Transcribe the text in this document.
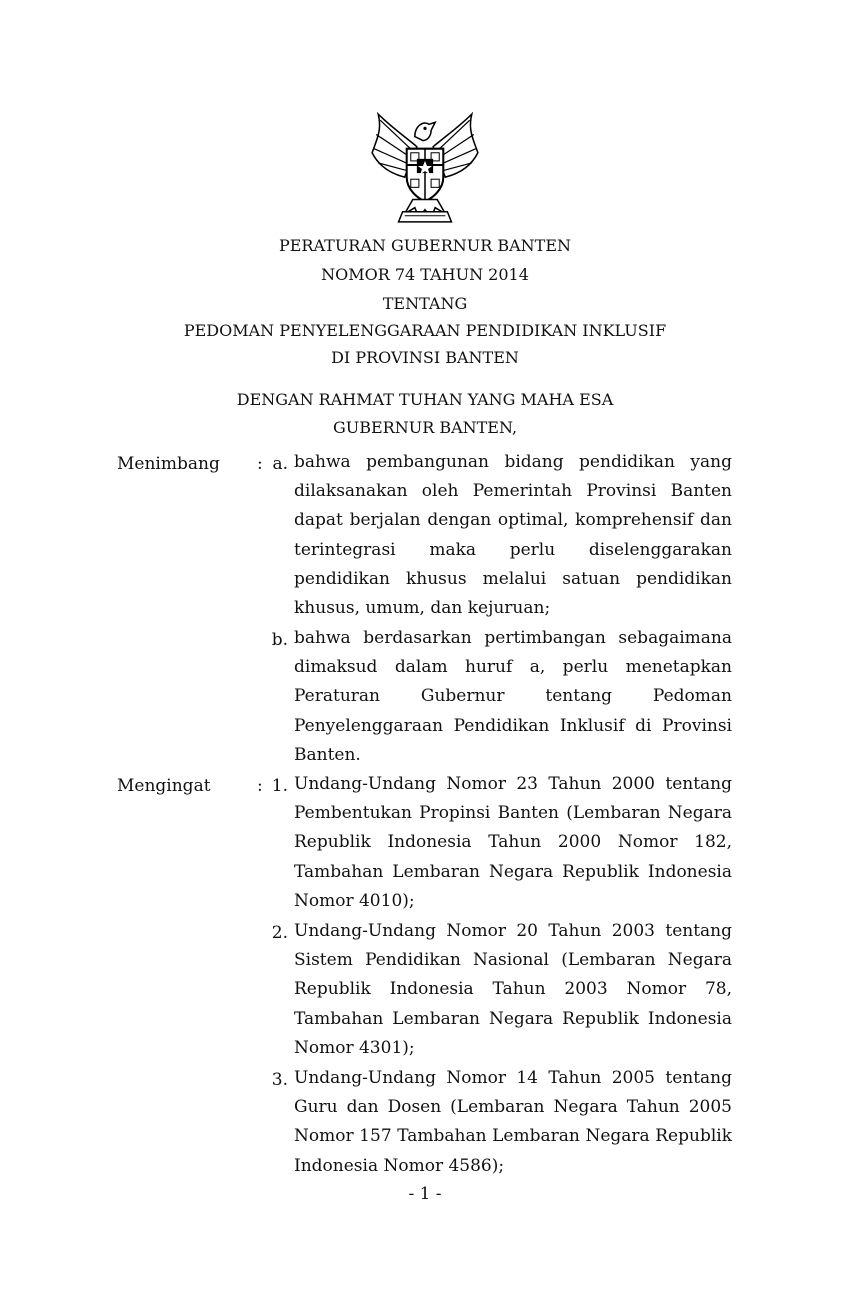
PERATURAN GUBERNUR BANTEN
NOMOR 74 TAHUN 2014
TENTANG
PEDOMAN PENYELENGGARAAN PENDIDIKAN INKLUSIF
DI PROVINSI BANTEN
DENGAN RAHMAT TUHAN YANG MAHA ESA
GUBERNUR BANTEN,
Menimbang : a. bahwa pembangunan bidang pendidikan yang dilaksanakan oleh Pemerintah Provinsi Banten dapat berjalan dengan optimal, komprehensif dan terintegrasi maka perlu diselenggarakan pendidikan khusus melalui satuan pendidikan khusus, umum, dan kejuruan;
b. bahwa berdasarkan pertimbangan sebagaimana dimaksud dalam huruf a, perlu menetapkan Peraturan Gubernur tentang Pedoman Penyelenggaraan Pendidikan Inklusif di Provinsi Banten.
Mengingat	: 1. Undang-Undang Nomor 23 Tahun 2000 tentang Pembentukan Propinsi Banten (Lembaran Negara Republik Indonesia Tahun 2000 Nomor 182, Tambahan Lembaran Negara Republik Indonesia Nomor 4010);
2. Undang-Undang Nomor 20 Tahun 2003 tentang Sistem Pendidikan Nasional (Lembaran Negara Republik Indonesia Tahun 2003 Nomor 78, Tambahan Lembaran Negara Republik Indonesia Nomor 4301);
3. Undang-Undang Nomor 14 Tahun 2005 tentang Guru dan Dosen (Lembaran Negara Tahun 2005 Nomor 157 Tambahan Lembaran Negara Republik Indonesia Nomor 4586);
- 1 -
